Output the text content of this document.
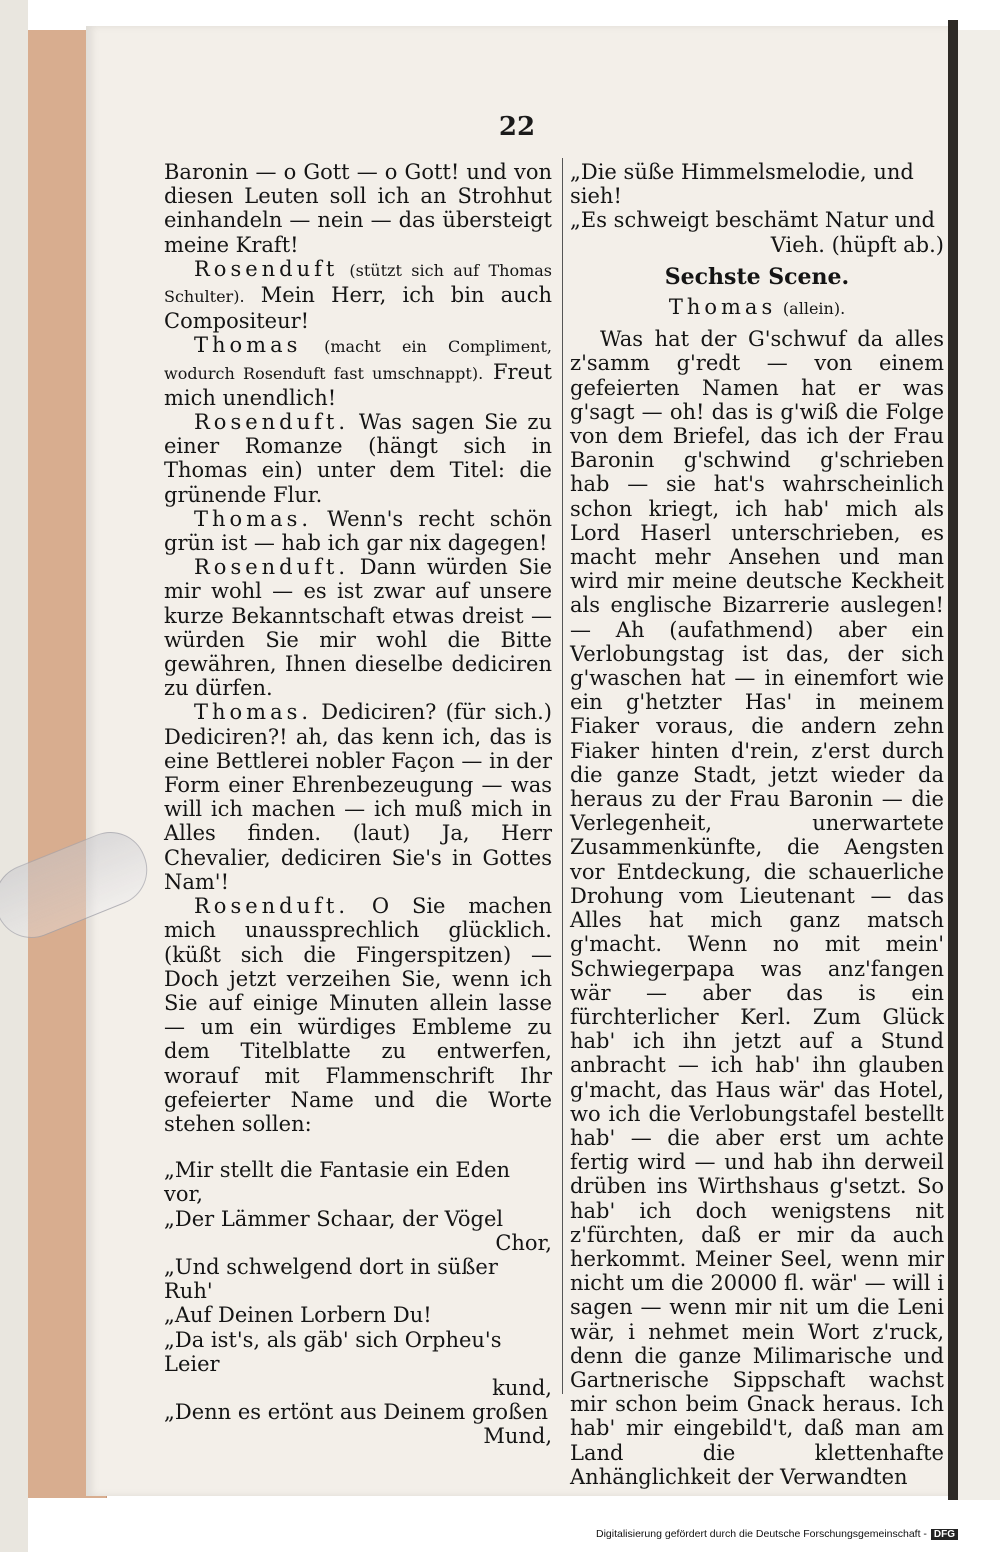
22

Baronin — o Gott — o Gott! und von diesen Leuten soll ich an Strohhut einhandeln — nein — das übersteigt meine Kraft!

Rosenduft (stützt sich auf Thomas Schulter). Mein Herr, ich bin auch Compositeur!

Thomas (macht ein Compliment, wodurch Rosenduft fast umschnappt). Freut mich unendlich!

Rosenduft. Was sagen Sie zu einer Romanze (hängt sich in Thomas ein) unter dem Titel: die grünende Flur.

Thomas. Wenn's recht schön grün ist — hab ich gar nix dagegen!

Rosenduft. Dann würden Sie mir wohl — es ist zwar auf unsere kurze Bekanntschaft etwas dreist — würden Sie mir wohl die Bitte gewähren, Ihnen dieselbe dediciren zu dürfen.

Thomas. Dediciren? (für sich.) Dediciren?! ah, das kenn ich, das is eine Bettlerei nobler Façon — in der Form einer Ehrenbezeugung — was will ich machen — ich muß mich in Alles finden. (laut) Ja, Herr Chevalier, dediciren Sie's in Gottes Nam'!

Rosenduft. O Sie machen mich unaussprechlich glücklich. (küßt sich die Fingerspitzen) — Doch jetzt verzeihen Sie, wenn ich Sie auf einige Minuten allein lasse — um ein würdiges Embleme zu dem Titelblatte zu entwerfen, worauf mit Flammenschrift Ihr gefeierter Name und die Worte stehen sollen:

„Mir stellt die Fantasie ein Eden vor,

„Der Lämmer Schaar, der Vögel

Chor,

„Und schwelgend dort in süßer Ruh'

„Auf Deinen Lorbern Du!

„Da ist's, als gäb' sich Orpheu's Leier

kund,

„Denn es ertönt aus Deinem großen

Mund,

„Die süße Himmelsmelodie, und sieh!

„Es schweigt beschämt Natur und

Vieh. (hüpft ab.)

Sechste Scene.

Thomas (allein).

Was hat der G'schwuf da alles z'samm g'redt — von einem gefeierten Namen hat er was g'sagt — oh! das is g'wiß die Folge von dem Briefel, das ich der Frau Baronin g'schwind g'schrieben hab — sie hat's wahrscheinlich schon kriegt, ich hab' mich als Lord Haserl unterschrieben, es macht mehr Ansehen und man wird mir meine deutsche Keckheit als englische Bizarrerie auslegen! — Ah (aufathmend) aber ein Verlobungstag ist das, der sich g'waschen hat — in einemfort wie ein g'hetzter Has' in meinem Fiaker voraus, die andern zehn Fiaker hinten d'rein, z'erst durch die ganze Stadt, jetzt wieder da heraus zu der Frau Baronin — die Verlegenheit, unerwartete Zusammenkünfte, die Aengsten vor Entdeckung, die schauerliche Drohung vom Lieutenant — das Alles hat mich ganz matsch g'macht. Wenn no mit mein' Schwiegerpapa was anz'fangen wär — aber das is ein fürchterlicher Kerl. Zum Glück hab' ich ihn jetzt auf a Stund anbracht — ich hab' ihn glauben g'macht, das Haus wär' das Hotel, wo ich die Verlobungstafel bestellt hab' — die aber erst um achte fertig wird — und hab ihn derweil drüben ins Wirthshaus g'setzt. So hab' ich doch wenigstens nit z'fürchten, daß er mir da auch herkommt. Meiner Seel, wenn mir nicht um die 20000 fl. wär' — will i sagen — wenn mir nit um die Leni wär, i nehmet mein Wort z'ruck, denn die ganze Milimarische und Gartnerische Sippschaft wachst mir schon beim Gnack heraus. Ich hab' mir eingebild't, daß man am Land die klettenhafte Anhänglichkeit der Verwandten

Digitalisierung gefördert durch die Deutsche Forschungsgemeinschaft - DFG
